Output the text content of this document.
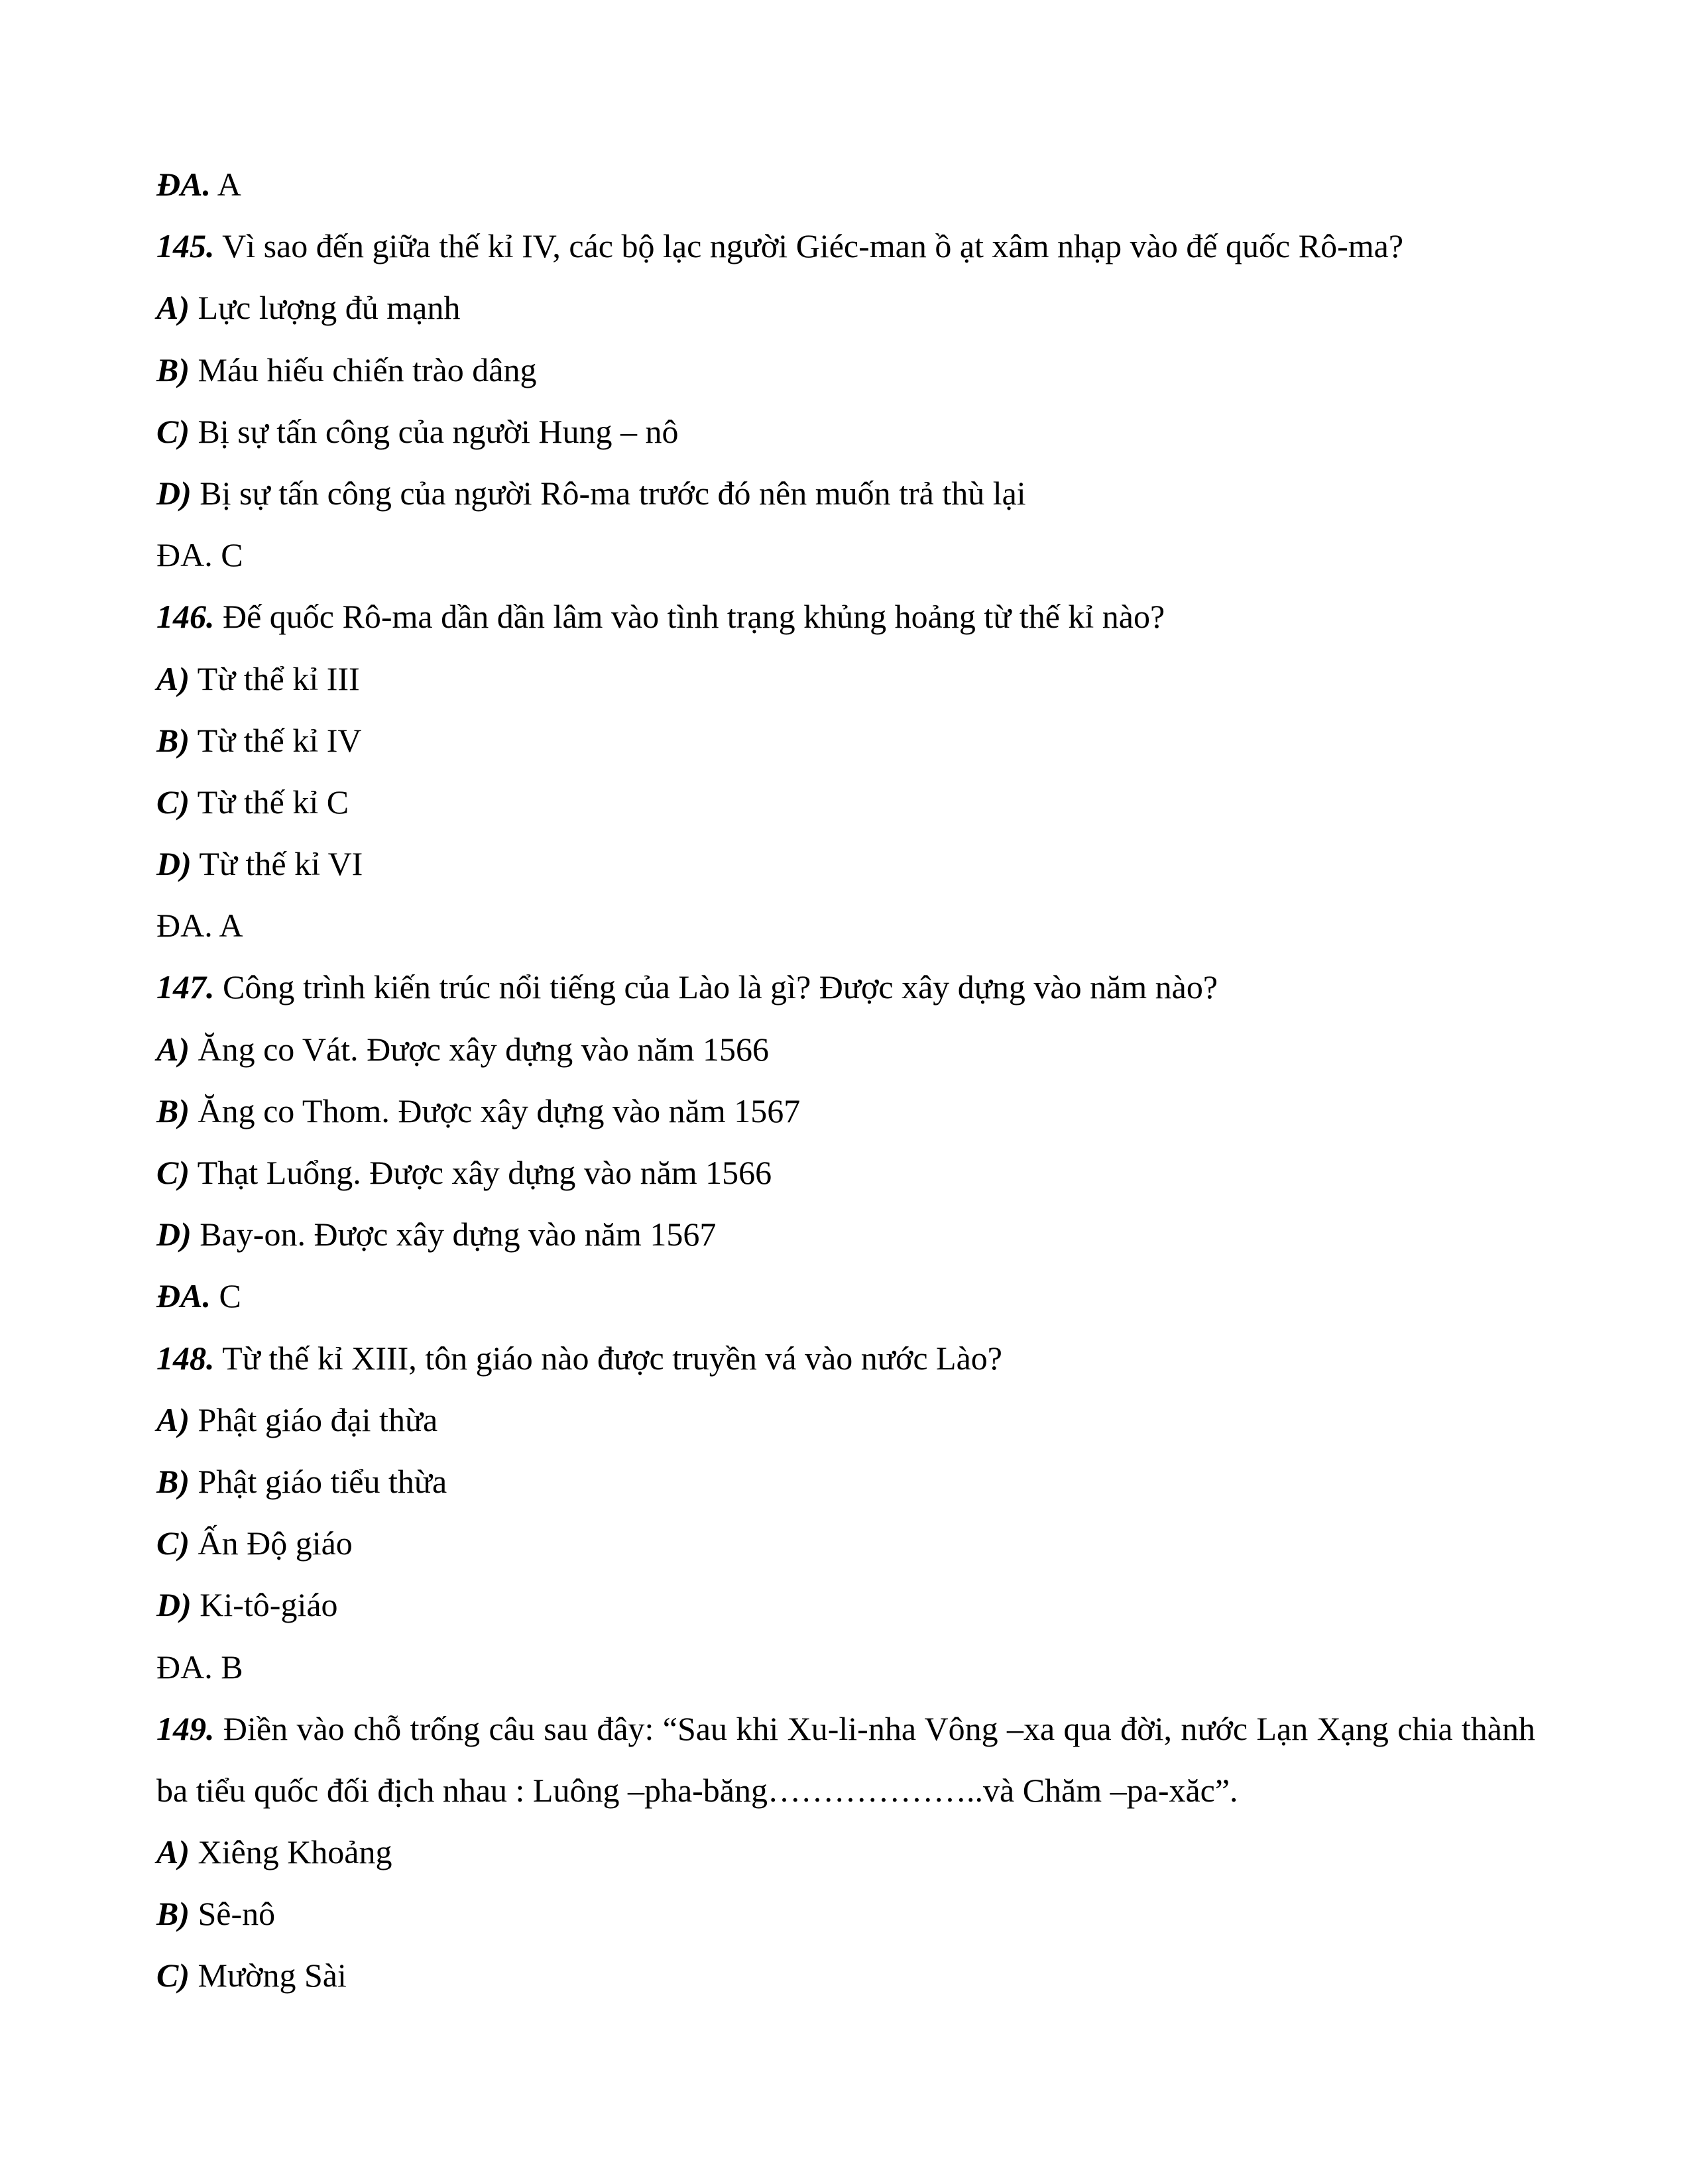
ĐA. A
145. Vì sao đến giữa thế kỉ IV, các bộ lạc người Giéc-man ồ ạt xâm nhạp vào đế quốc Rô-ma?
A) Lực lượng đủ mạnh
B) Máu hiếu chiến trào dâng
C) Bị sự tấn công của người Hung – nô
D) Bị sự tấn công của người Rô-ma trước đó nên muốn trả thù lại
ĐA. C
146. Đế quốc Rô-ma dần dần lâm vào tình trạng khủng hoảng từ thế kỉ nào?
A) Từ thể kỉ III
B) Từ thế kỉ IV
C) Từ thế kỉ C
D) Từ thế kỉ VI
ĐA. A
147. Công trình kiến trúc nổi tiếng của Lào là gì? Được xây dựng vào năm nào?
A) Ăng co Vát. Được xây dựng vào năm 1566
B) Ăng co Thom. Được xây dựng vào năm 1567
C) Thạt Luổng. Được xây dựng vào năm 1566
D) Bay-on. Được xây dựng vào năm 1567
ĐA. C
148. Từ thế kỉ XIII, tôn giáo nào được truyền vá vào nước Lào?
A) Phật giáo đại thừa
B) Phật giáo tiểu thừa
C) Ấn Độ giáo
D) Ki-tô-giáo
ĐA. B
149. Điền vào chỗ trống câu sau đây: “Sau khi Xu-li-nha Vông –xa qua đời, nước Lạn Xạng chia thành ba tiểu quốc đối địch nhau : Luông –pha-băng………………..và Chăm –pa-xăc”.
A) Xiêng Khoảng
B) Sê-nô
C) Mường Sài
